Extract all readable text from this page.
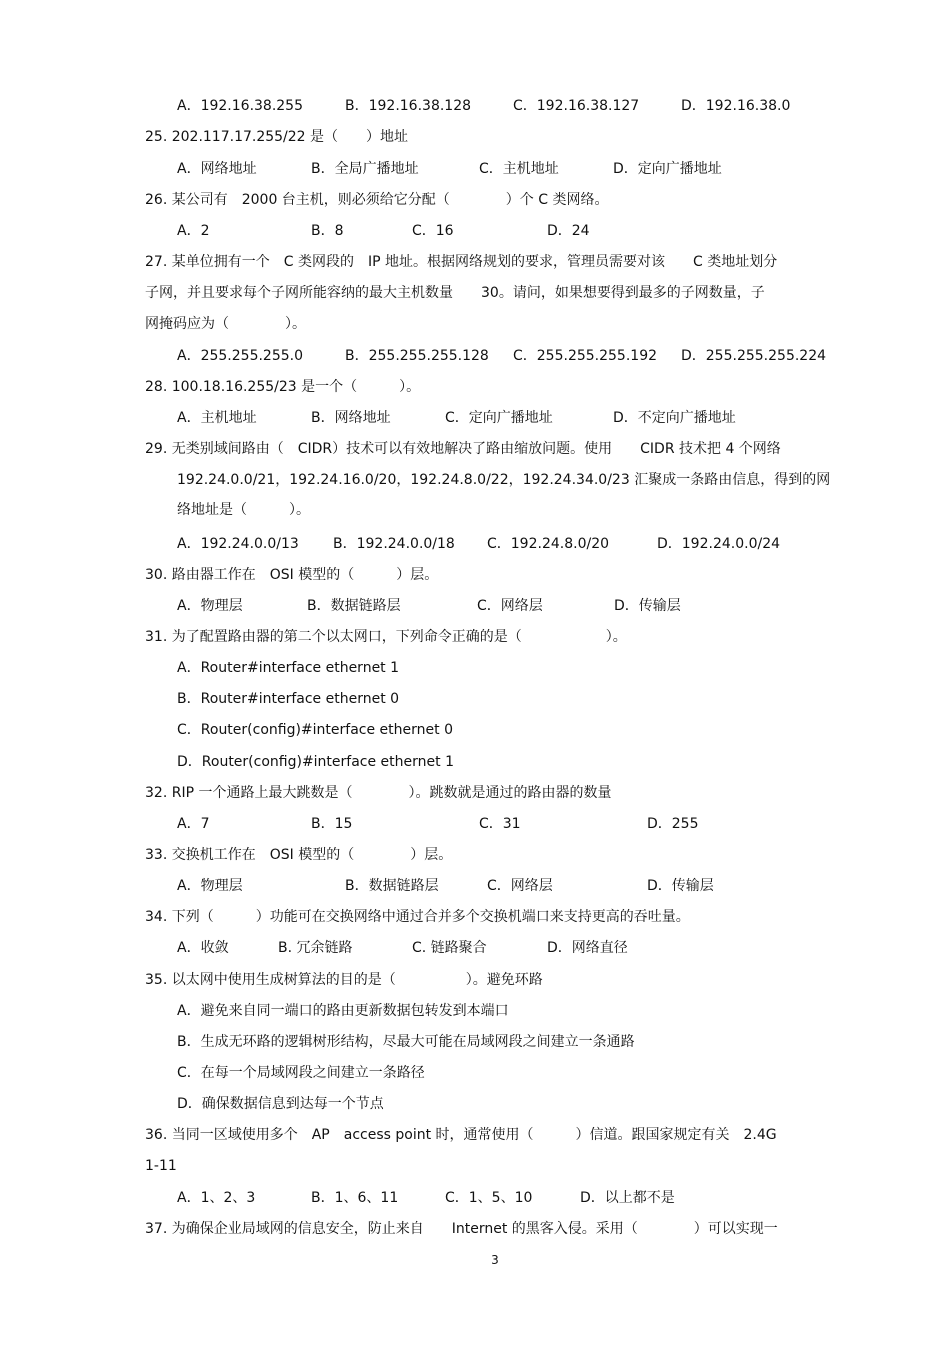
A．192.16.38.255	B．192.16.38.128	C．192.16.38.127	D．192.16.38.0
25. 202.117.17.255/22 是（　　）地址
A．网络地址	B．全局广播地址	C．主机地址	D．定向广播地址
26. 某公司有　2000 台主机，则必须给它分配（　　　　）个 C 类网络。
A．2	B．8	C．16	D．24
27. 某单位拥有一个　C 类网段的　IP 地址。根据网络规划的要求，管理员需要对该　　C 类地址划分
子网，并且要求每个子网所能容纳的最大主机数量　　30。请问，如果想要得到最多的子网数量，子
网掩码应为（　　　　）。
A．255.255.255.0	B．255.255.255.128 C．255.255.255.192 D．255.255.255.224
28. 100.18.16.255/23 是一个（　　　）。
A．主机地址	B．网络地址	C．定向广播地址	D．不定向广播地址
29. 无类别域间路由（　CIDR）技术可以有效地解决了路由缩放问题。使用　　CIDR 技术把 4 个网络
192.24.0.0/21，192.24.16.0/20，192.24.8.0/22，192.24.34.0/23 汇聚成一条路由信息，得到的网
络地址是（　　　）。
A．192.24.0.0/13 B．192.24.0.0/18 C．192.24.8.0/20	D．192.24.0.0/24
30. 路由器工作在　OSI 模型的（　　　）层。
A．物理层	B．数据链路层	C．网络层	D．传输层
31. 为了配置路由器的第二个以太网口，下列命令正确的是（　　　　　　）。
A．Router#interface ethernet 1
B．Router#interface ethernet 0
C．Router(config)#interface ethernet 0
D．Router(config)#interface ethernet 1
32. RIP 一个通路上最大跳数是（　　　　）。跳数就是通过的路由器的数量
A．7	B．15	C．31	D．255
33. 交换机工作在　OSI 模型的（　　　　）层。
A．物理层	B．数据链路层	C．网络层	D．传输层
34. 下列（　　　）功能可在交换网络中通过合并多个交换机端口来支持更高的吞吐量。
A．收敛	B. 冗余链路	C. 链路聚合	D．网络直径
35. 以太网中使用生成树算法的目的是（　　　　　）。避免环路
A．避免来自同一端口的路由更新数据包转发到本端口
B．生成无环路的逻辑树形结构，尽最大可能在局域网段之间建立一条通路
C．在每一个局域网段之间建立一条路径
D．确保数据信息到达每一个节点
36. 当同一区域使用多个　AP　access point 时，通常使用（　　　）信道。跟国家规定有关　2.4G
1-11
A．1、2、3	B．1、6、11	C．1、5、10	D．以上都不是
37. 为确保企业局域网的信息安全，防止来自　　Internet 的黑客入侵。采用（　　　　）可以实现一
3
